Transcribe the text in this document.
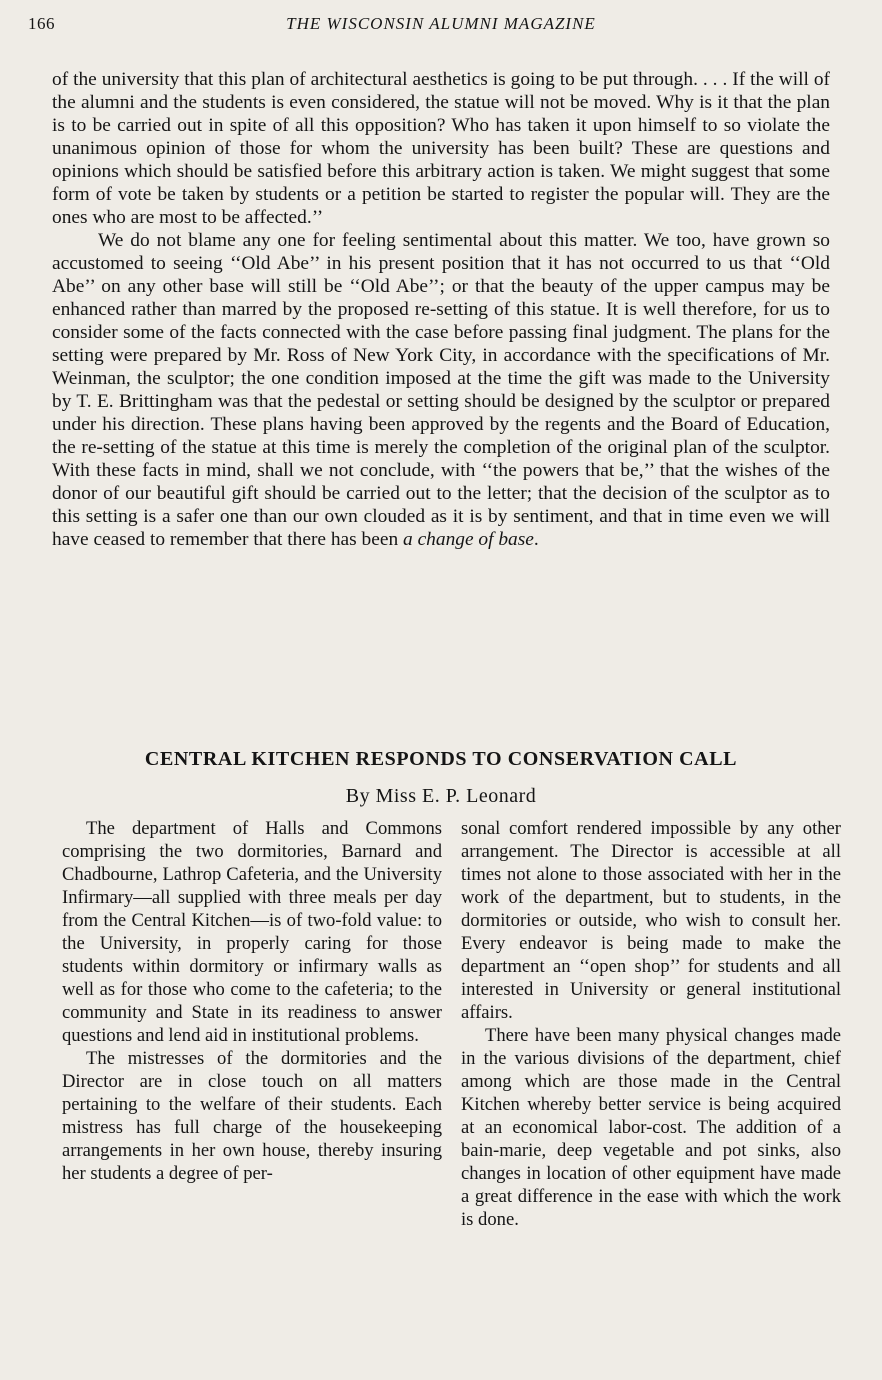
166	THE WISCONSIN ALUMNI MAGAZINE

of the university that this plan of architectural aesthetics is going to be put through. . . . If the will of the alumni and the students is even considered, the statue will not be moved. Why is it that the plan is to be carried out in spite of all this opposition? Who has taken it upon himself to so violate the unanimous opinion of those for whom the university has been built? These are questions and opinions which should be satisfied before this arbitrary action is taken. We might suggest that some form of vote be taken by students or a petition be started to register the popular will. They are the ones who are most to be affected.’’

We do not blame any one for feeling sentimental about this matter. We too, have grown so accustomed to seeing ‘‘Old Abe’’ in his present position that it has not occurred to us that ‘‘Old Abe’’ on any other base will still be ‘‘Old Abe’’; or that the beauty of the upper campus may be enhanced rather than marred by the proposed re-setting of this statue. It is well therefore, for us to consider some of the facts connected with the case before passing final judgment. The plans for the setting were prepared by Mr. Ross of New York City, in accordance with the specifications of Mr. Weinman, the sculptor; the one condition imposed at the time the gift was made to the University by T. E. Brittingham was that the pedestal or setting should be designed by the sculptor or prepared under his direction. These plans having been approved by the regents and the Board of Education, the re-setting of the statue at this time is merely the completion of the original plan of the sculptor. With these facts in mind, shall we not conclude, with ‘‘the powers that be,’’ that the wishes of the donor of our beautiful gift should be carried out to the letter; that the decision of the sculptor as to this setting is a safer one than our own clouded as it is by sentiment, and that in time even we will have ceased to remember that there has been a change of base.

CENTRAL KITCHEN RESPONDS TO CONSERVATION CALL
By Miss E. P. Leonard

The department of Halls and Commons comprising the two dormitories, Barnard and Chadbourne, Lathrop Cafeteria, and the University Infirmary—all supplied with three meals per day from the Central Kitchen—is of two-fold value: to the University, in properly caring for those students within dormitory or infirmary walls as well as for those who come to the cafeteria; to the community and State in its readiness to answer questions and lend aid in institutional problems.

The mistresses of the dormitories and the Director are in close touch on all matters pertaining to the welfare of their students. Each mistress has full charge of the housekeeping arrangements in her own house, thereby insuring her students a degree of per-

sonal comfort rendered impossible by any other arrangement. The Director is accessible at all times not alone to those associated with her in the work of the department, but to students, in the dormitories or outside, who wish to consult her. Every endeavor is being made to make the department an ‘‘open shop’’ for students and all interested in University or general institutional affairs.

There have been many physical changes made in the various divisions of the department, chief among which are those made in the Central Kitchen whereby better service is being acquired at an economical labor-cost. The addition of a bain-marie, deep vegetable and pot sinks, also changes in location of other equipment have made a great difference in the ease with which the work is done.
